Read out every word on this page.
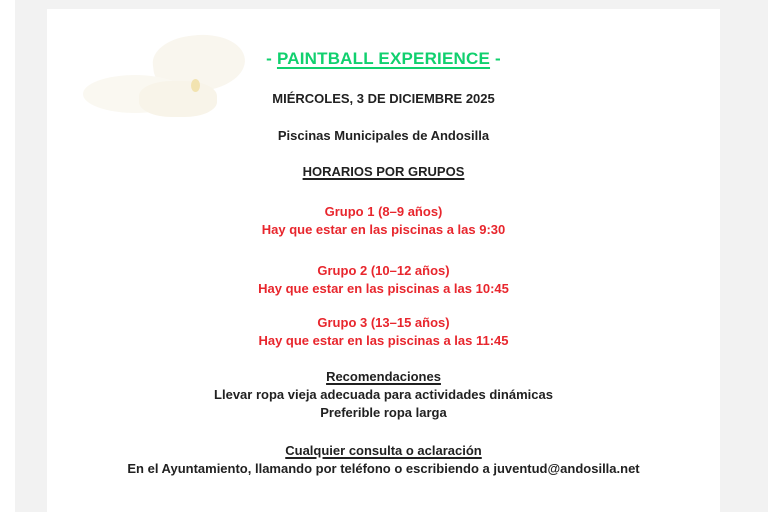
- PAINTBALL EXPERIENCE -

MIÉRCOLES, 3 DE DICIEMBRE 2025

Piscinas Municipales de Andosilla

HORARIOS POR GRUPOS

Grupo 1 (8–9 años)

Hay que estar en las piscinas a las 9:30

Grupo 2 (10–12 años)

Hay que estar en las piscinas a las 10:45

Grupo 3 (13–15 años)

Hay que estar en las piscinas a las 11:45

Recomendaciones

Llevar ropa vieja adecuada para actividades dinámicas

Preferible ropa larga

Cualquier consulta o aclaración

En el Ayuntamiento, llamando por teléfono o escribiendo a juventud@andosilla.net
